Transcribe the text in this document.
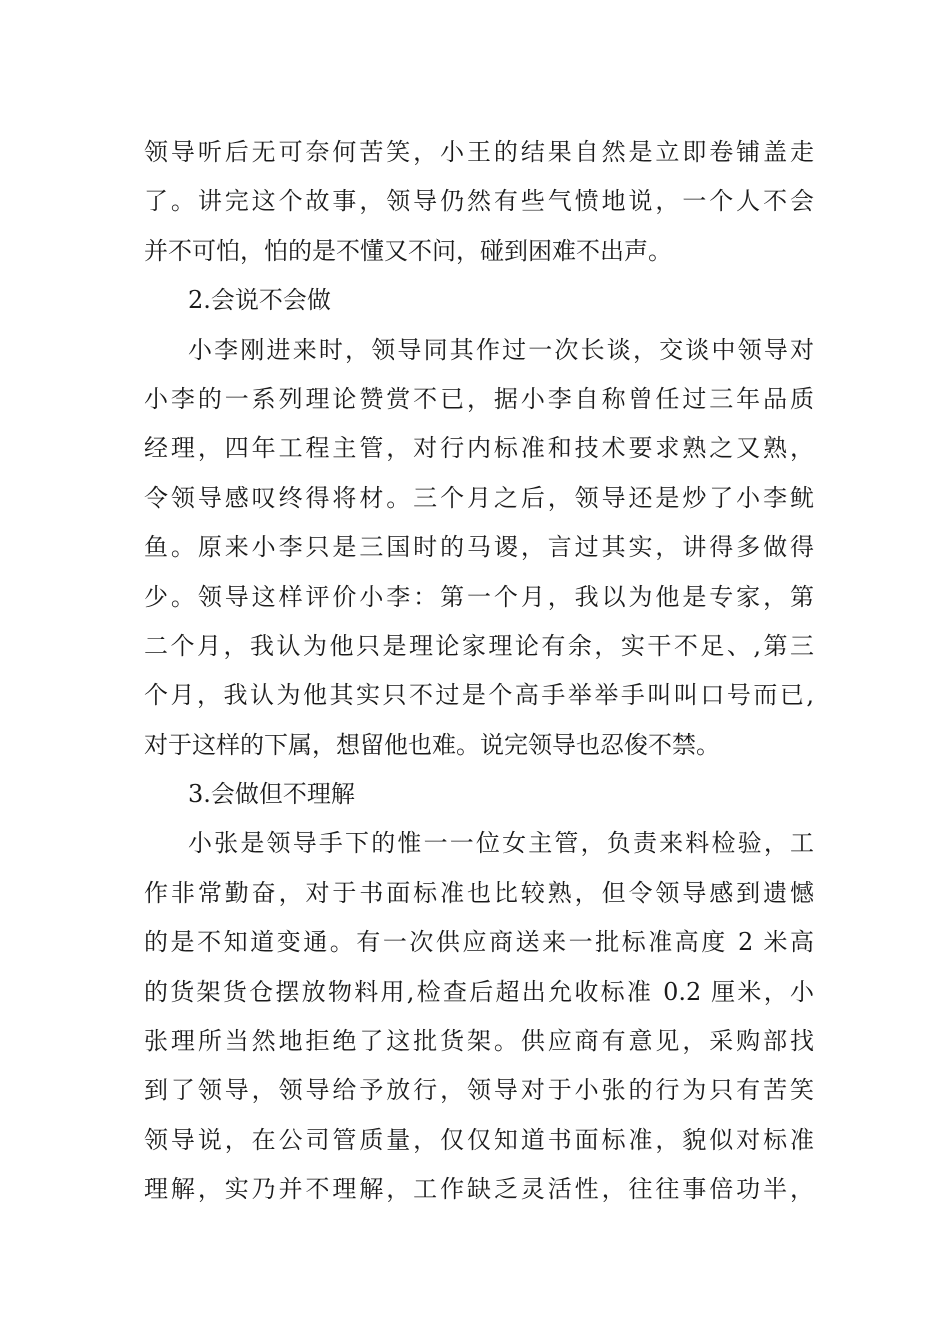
领导听后无可奈何苦笑，小王的结果自然是立即卷铺盖走
了。讲完这个故事，领导仍然有些气愤地说，一个人不会
并不可怕，怕的是不懂又不问，碰到困难不出声。
2.会说不会做
小李刚进来时，领导同其作过一次长谈，交谈中领导对
小李的一系列理论赞赏不已，据小李自称曾任过三年品质
经理，四年工程主管，对行内标准和技术要求熟之又熟，
令领导感叹终得将材。三个月之后，领导还是炒了小李鱿
鱼。原来小李只是三国时的马谡，言过其实，讲得多做得
少。领导这样评价小李：第一个月，我以为他是专家，第
二个月，我认为他只是理论家理论有余，实干不足、,第三
个月，我认为他其实只不过是个高手举举手叫叫口号而已,
对于这样的下属，想留他也难。说完领导也忍俊不禁。
3.会做但不理解
小张是领导手下的惟一一位女主管，负责来料检验，工
作非常勤奋，对于书面标准也比较熟，但令领导感到遗憾
的是不知道变通。有一次供应商送来一批标准高度 2 米高
的货架货仓摆放物料用,检查后超出允收标准 0.2 厘米，小
张理所当然地拒绝了这批货架。供应商有意见，采购部找
到了领导，领导给予放行，领导对于小张的行为只有苦笑
领导说，在公司管质量，仅仅知道书面标准，貌似对标准
理解，实乃并不理解，工作缺乏灵活性，往往事倍功半，
